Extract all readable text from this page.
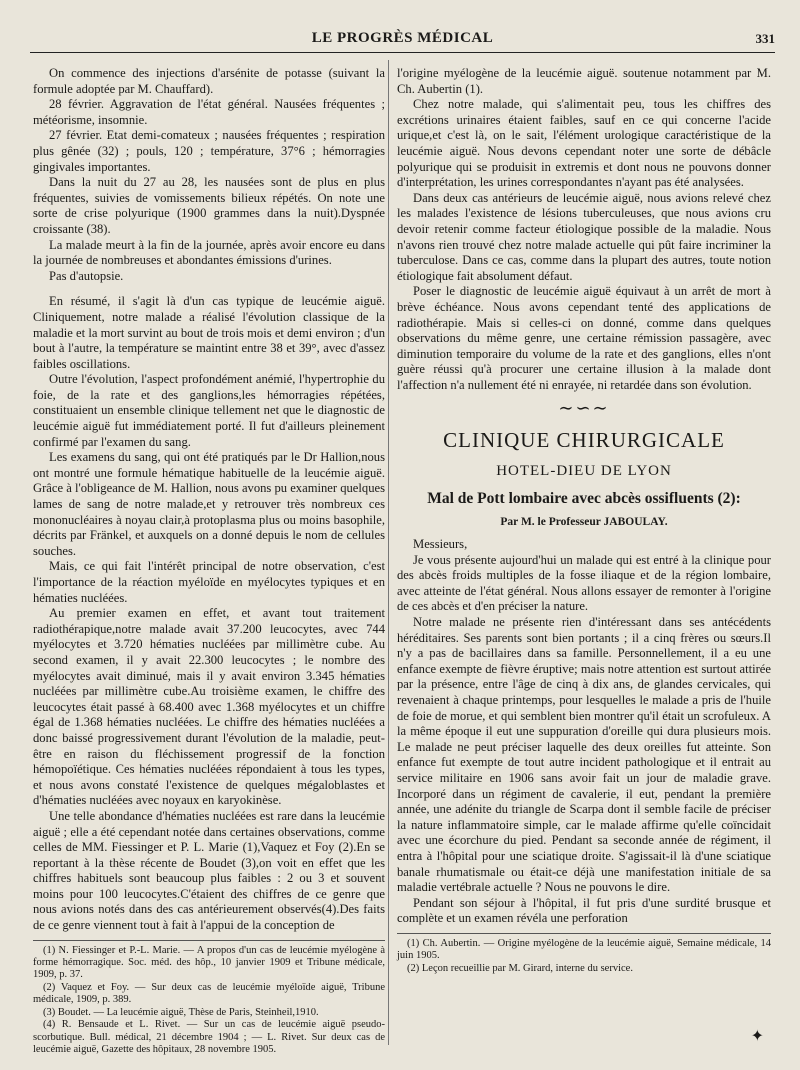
LE PROGRÈS MÉDICAL	331

On commence des injections d'arsénite de potasse (suivant la formule adoptée par M. Chauffard).

28 février. Aggravation de l'état général. Nausées fréquentes ; météorisme, insomnie.

27 février. Etat demi-comateux ; nausées fréquentes ; respiration plus gênée (32) ; pouls, 120 ; température, 37°6 ; hémorragies gingivales importantes.

Dans la nuit du 27 au 28, les nausées sont de plus en plus fréquentes, suivies de vomissements bilieux répétés. On note une sorte de crise polyurique (1900 grammes dans la nuit).Dyspnée croissante (38).

La malade meurt à la fin de la journée, après avoir encore eu dans la journée de nombreuses et abondantes émissions d'urines.

Pas d'autopsie.

En résumé, il s'agit là d'un cas typique de leucémie aiguë. Cliniquement, notre malade a réalisé l'évolution classique de la maladie et la mort survint au bout de trois mois et demi environ ; d'un bout à l'autre, la température se maintint entre 38 et 39°, avec d'assez faibles oscillations.

Outre l'évolution, l'aspect profondément anémié, l'hypertrophie du foie, de la rate et des ganglions,les hémorragies répétées, constituaient un ensemble clinique tellement net que le diagnostic de leucémie aiguë fut immédiatement porté. Il fut d'ailleurs pleinement confirmé par l'examen du sang.

Les examens du sang, qui ont été pratiqués par le Dr Hallion,nous ont montré une formule hématique habituelle de la leucémie aiguë. Grâce à l'obligeance de M. Hallion, nous avons pu examiner quelques lames de sang de notre malade,et y retrouver très nombreux ces mononucléaires à noyau clair,à protoplasma plus ou moins basophile, décrits par Fränkel, et auxquels on a donné depuis le nom de cellules souches.

Mais, ce qui fait l'intérêt principal de notre observation, c'est l'importance de la réaction myéloïde en myélocytes typiques et en hématies nucléées.

Au premier examen en effet, et avant tout traitement radiothérapique,notre malade avait 37.200 leucocytes, avec 744 myélocytes et 3.720 hématies nucléées par millimètre cube. Au second examen, il y avait 22.300 leucocytes ; le nombre des myélocytes avait diminué, mais il y avait environ 3.345 hématies nucléées par millimètre cube.Au troisième examen, le chiffre des leucocytes était passé à 68.400 avec 1.368 myélocytes et un chiffre égal de 1.368 hématies nucléées. Le chiffre des hématies nucléées a donc baissé progressivement durant l'évolution de la maladie, peut-être en raison du fléchissement progressif de la fonction hémopoïétique. Ces hématies nucléées répondaient à tous les types, et nous avons constaté l'existence de quelques mégaloblastes et d'hématies nucléées avec noyaux en karyokinèse.

Une telle abondance d'hématies nucléées est rare dans la leucémie aiguë ; elle a été cependant notée dans certaines observations, comme celles de MM. Fiessinger et P. L. Marie (1),Vaquez et Foy (2).En se reportant à la thèse récente de Boudet (3),on voit en effet que les chiffres habituels sont beaucoup plus faibles : 2 ou 3 et souvent moins pour 100 leucocytes.C'étaient des chiffres de ce genre que nous avions notés dans des cas antérieurement observés(4).Des faits de ce genre viennent tout à fait à l'appui de la conception de

(1) N. Fiessinger et P.-L. Marie. — A propos d'un cas de leucémie myélogène à forme hémorragique. Soc. méd. des hôp., 10 janvier 1909 et Tribune médicale, 1909, p. 37.

(2) Vaquez et Foy. — Sur deux cas de leucémie myéloïde aiguë, Tribune médicale, 1909, p. 389.

(3) Boudet. — La leucémie aiguë, Thèse de Paris, Steinheil,1910.

(4) R. Bensaude et L. Rivet. — Sur un cas de leucémie aiguë pseudo-scorbutique. Bull. médical, 21 décembre 1904 ; — L. Rivet. Sur deux cas de leucémie aiguë, Gazette des hôpitaux, 28 novembre 1905.

l'origine myélogène de la leucémie aiguë. soutenue notamment par M. Ch. Aubertin (1).

Chez notre malade, qui s'alimentait peu, tous les chiffres des excrétions urinaires étaient faibles, sauf en ce qui concerne l'acide urique,et c'est là, on le sait, l'élément urologique caractéristique de la leucémie aiguë. Nous devons cependant noter une sorte de débâcle polyurique qui se produisit in extremis et dont nous ne pouvons donner d'interprétation, les urines correspondantes n'ayant pas été analysées.

Dans deux cas antérieurs de leucémie aiguë, nous avions relevé chez les malades l'existence de lésions tuberculeuses, que nous avions cru devoir retenir comme facteur étiologique possible de la maladie. Nous n'avons rien trouvé chez notre malade actuelle qui pût faire incriminer la tuberculose. Dans ce cas, comme dans la plupart des autres, toute notion étiologique fait absolument défaut.

Poser le diagnostic de leucémie aiguë équivaut à un arrêt de mort à brève échéance. Nous avons cependant tenté des applications de radiothérapie. Mais si celles-ci on donné, comme dans quelques observations du même genre, une certaine rémission passagère, avec diminution temporaire du volume de la rate et des ganglions, elles n'ont guère réussi qu'à procurer une certaine illusion à la malade dont l'affection n'a nullement été ni enrayée, ni retardée dans son évolution.

∼∽∼
CLINIQUE CHIRURGICALE
HOTEL-DIEU DE LYON
Mal de Pott lombaire avec abcès ossifluents (2):
Par M. le Professeur JABOULAY.

Messieurs,

Je vous présente aujourd'hui un malade qui est entré à la clinique pour des abcès froids multiples de la fosse iliaque et de la région lombaire, avec atteinte de l'état général. Nous allons essayer de remonter à l'origine de ces abcès et d'en préciser la nature.

Notre malade ne présente rien d'intéressant dans ses antécédents héréditaires. Ses parents sont bien portants ; il a cinq frères ou sœurs.Il n'y a pas de bacillaires dans sa famille. Personnellement, il a eu une enfance exempte de fièvre éruptive; mais notre attention est surtout attirée par la présence, entre l'âge de cinq à dix ans, de glandes cervicales, qui revenaient à chaque printemps, pour lesquelles le malade a pris de l'huile de foie de morue, et qui semblent bien montrer qu'il était un scrofuleux. A la même époque il eut une suppuration d'oreille qui dura plusieurs mois. Le malade ne peut préciser laquelle des deux oreilles fut atteinte. Son enfance fut exempte de tout autre incident pathologique et il entrait au service militaire en 1906 sans avoir fait un jour de maladie grave. Incorporé dans un régiment de cavalerie, il eut, pendant la première année, une adénite du triangle de Scarpa dont il semble facile de préciser la nature inflammatoire simple, car le malade affirme qu'elle coïncidait avec une écorchure du pied. Pendant sa seconde année de régiment, il entra à l'hôpital pour une sciatique droite. S'agissait-il là d'une sciatique banale rhumatismale ou était-ce déjà une manifestation initiale de sa maladie vertébrale actuelle ? Nous ne pouvons le dire.

Pendant son séjour à l'hôpital, il fut pris d'une surdité brusque et complète et un examen révéla une perforation

(1) Ch. Aubertin. — Origine myélogène de la leucémie aiguë, Semaine médicale, 14 juin 1905.

(2) Leçon recueillie par M. Girard, interne du service.

✦
